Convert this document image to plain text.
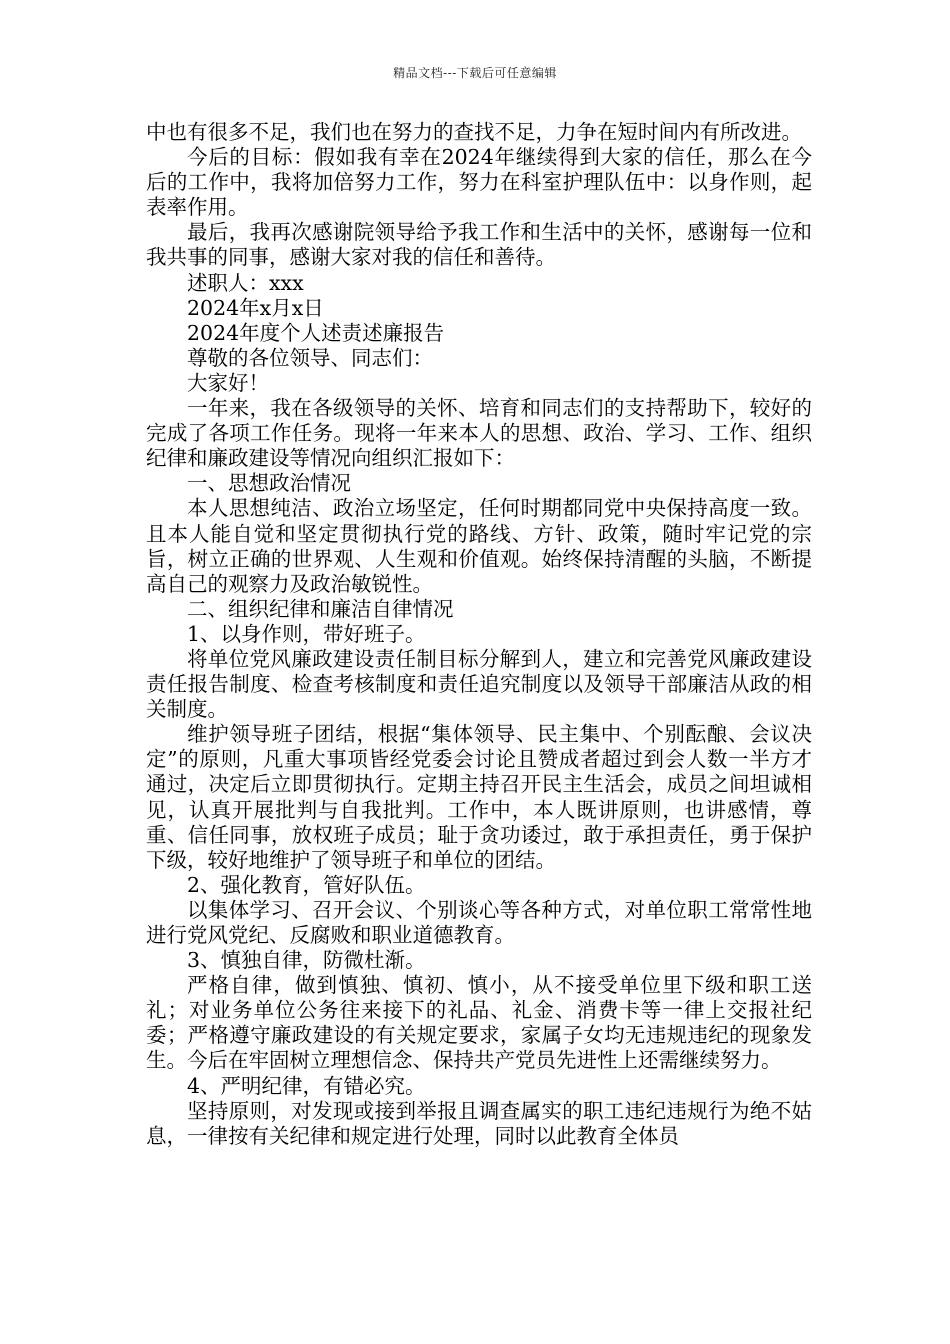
精品文档---下载后可任意编辑

中也有很多不足，我们也在努力的查找不足，力争在短时间内有所改进。

今后的目标：假如我有幸在2024年继续得到大家的信任，那么在今后的工作中，我将加倍努力工作，努力在科室护理队伍中：以身作则，起表率作用。

最后，我再次感谢院领导给予我工作和生活中的关怀，感谢每一位和我共事的同事，感谢大家对我的信任和善待。

述职人：xxx

2024年x月x日

2024年度个人述责述廉报告

尊敬的各位领导、同志们：

大家好！

一年来，我在各级领导的关怀、培育和同志们的支持帮助下，较好的完成了各项工作任务。现将一年来本人的思想、政治、学习、工作、组织纪律和廉政建设等情况向组织汇报如下：

一、思想政治情况

本人思想纯洁、政治立场坚定，任何时期都同党中央保持高度一致。且本人能自觉和坚定贯彻执行党的路线、方针、政策，随时牢记党的宗旨，树立正确的世界观、人生观和价值观。始终保持清醒的头脑，不断提高自己的观察力及政治敏锐性。

二、组织纪律和廉洁自律情况

1、以身作则，带好班子。

将单位党风廉政建设责任制目标分解到人，建立和完善党风廉政建设责任报告制度、检查考核制度和责任追究制度以及领导干部廉洁从政的相关制度。

维护领导班子团结，根据“集体领导、民主集中、个别酝酿、会议决定”的原则，凡重大事项皆经党委会讨论且赞成者超过到会人数一半方才通过，决定后立即贯彻执行。定期主持召开民主生活会，成员之间坦诚相见，认真开展批判与自我批判。工作中，本人既讲原则，也讲感情，尊重、信任同事，放权班子成员；耻于贪功诿过，敢于承担责任，勇于保护下级，较好地维护了领导班子和单位的团结。

2、强化教育，管好队伍。

以集体学习、召开会议、个别谈心等各种方式，对单位职工常常性地进行党风党纪、反腐败和职业道德教育。

3、慎独自律，防微杜渐。

严格自律，做到慎独、慎初、慎小，从不接受单位里下级和职工送礼；对业务单位公务往来接下的礼品、礼金、消费卡等一律上交报社纪委；严格遵守廉政建设的有关规定要求，家属子女均无违规违纪的现象发生。今后在牢固树立理想信念、保持共产党员先进性上还需继续努力。

4、严明纪律，有错必究。

坚持原则，对发现或接到举报且调查属实的职工违纪违规行为绝不姑息，一律按有关纪律和规定进行处理，同时以此教育全体员
